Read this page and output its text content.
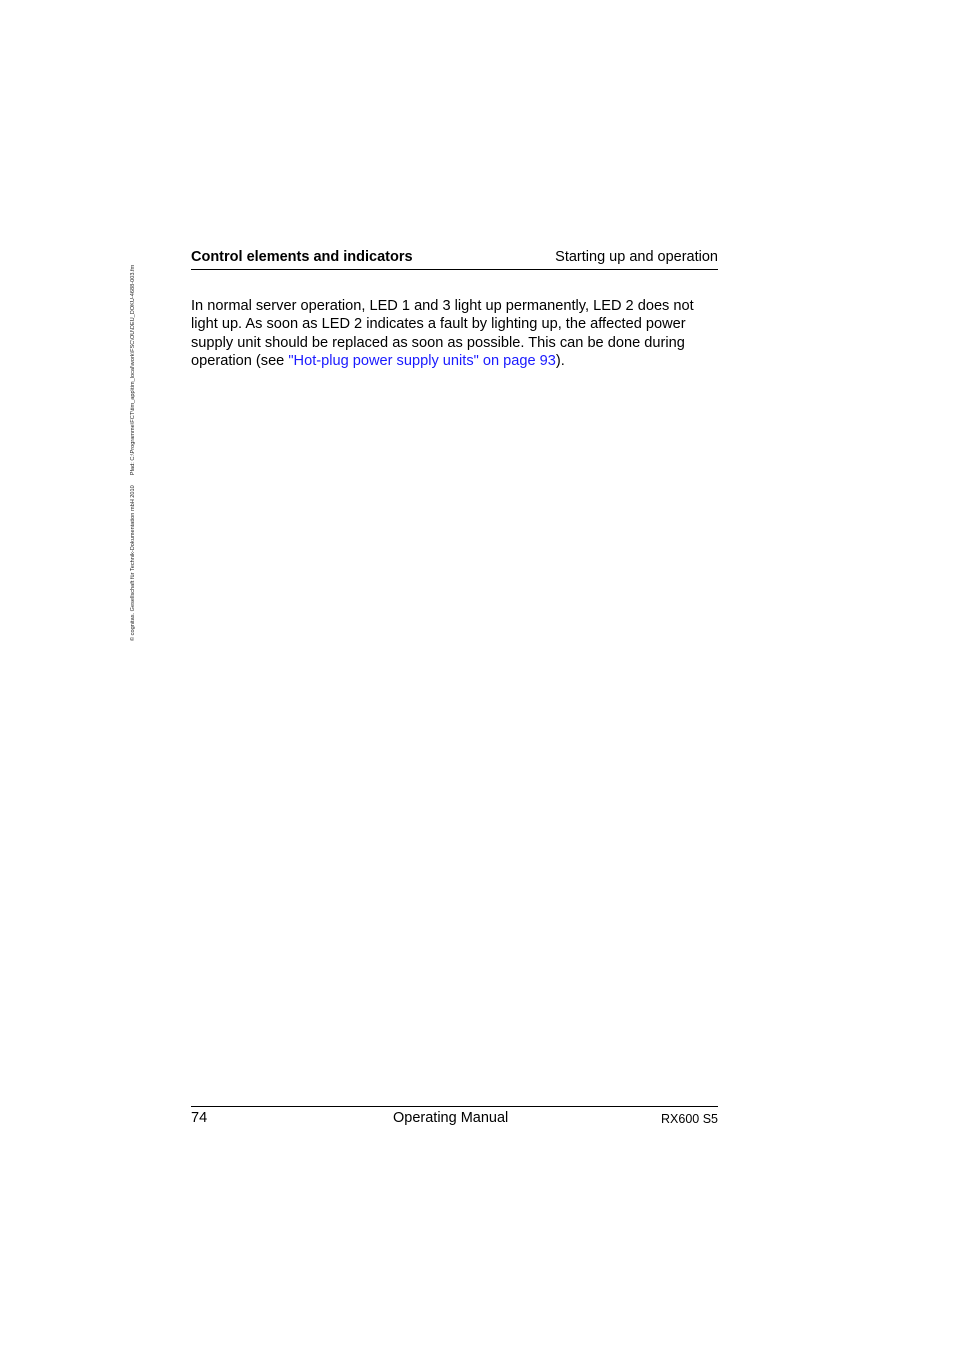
© cognitas. Gesellschaft für Technik-Dokumentation mbH 2010Pfad: C:\Programme\FCT\tim_app\tim_local\work\FSC\OU\DEU_DOKU-4688-003.fm
Control elements and indicators	Starting up and operation
In normal server operation, LED 1 and 3 light up permanently, LED 2 does not light up. As soon as LED 2 indicates a fault by lighting up, the affected power supply unit should be replaced as soon as possible. This can be done during operation (see "Hot-plug power supply units" on page 93).
74	Operating Manual	RX600 S5
